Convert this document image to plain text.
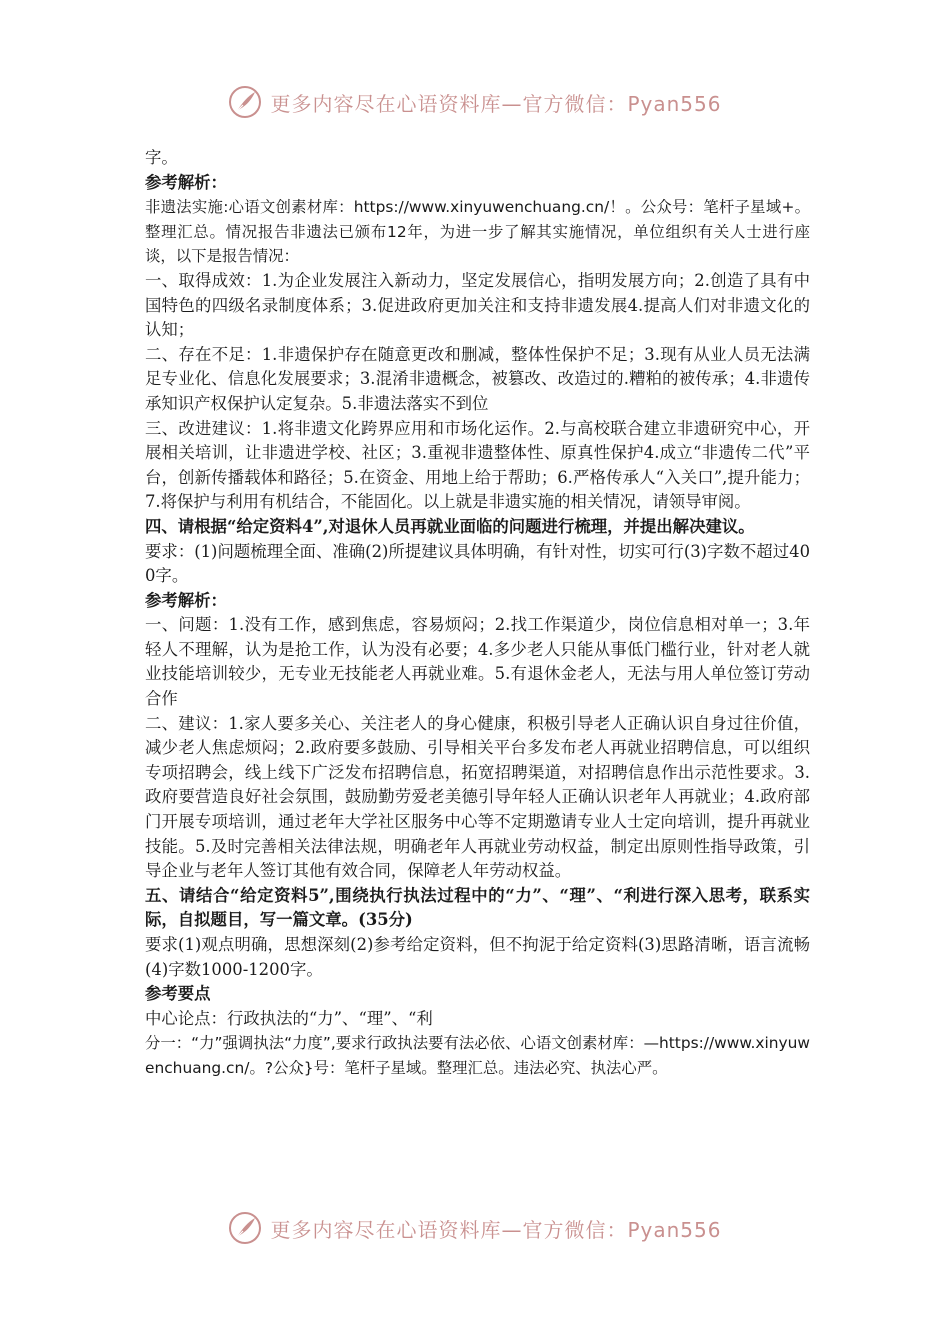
更多内容尽在心语资料库—官方微信：Pyan556

字。

参考解析：

非遗法实施:心语文创素材库：https://www.xinyuwenchuang.cn/！。公众号：笔杆子星域+。整理汇总。情况报告非遗法已颁布12年，为进一步了解其实施情况，单位组织有关人士进行座谈，以下是报告情况：

一、取得成效：1.为企业发展注入新动力，坚定发展信心，指明发展方向；2.创造了具有中国特色的四级名录制度体系；3.促进政府更加关注和支持非遗发展4.提高人们对非遗文化的认知；

二、存在不足：1.非遗保护存在随意更改和删减，整体性保护不足；3.现有从业人员无法满足专业化、信息化发展要求；3.混淆非遗概念，被篡改、改造过的.糟粕的被传承；4.非遗传承知识产权保护认定复杂。5.非遗法落实不到位

三、改进建议：1.将非遗文化跨界应用和市场化运作。2.与高校联合建立非遗研究中心，开展相关培训，让非遗进学校、社区；3.重视非遗整体性、原真性保护4.成立“非遗传二代”平台，创新传播载体和路径；5.在资金、用地上给于帮助；6.严格传承人“入关口”,提升能力；7.将保护与利用有机结合，不能固化。以上就是非遗实施的相关情况，请领导审阅。

四、请根据“给定资料4”,对退休人员再就业面临的问题进行梳理，并提出解决建议。

要求：(1)问题梳理全面、准确(2)所提建议具体明确，有针对性，切实可行(3)字数不超过400字。

参考解析：

一、问题：1.没有工作，感到焦虑，容易烦闷；2.找工作渠道少，岗位信息相对单一；3.年轻人不理解，认为是抢工作，认为没有必要；4.多少老人只能从事低门槛行业，针对老人就业技能培训较少，无专业无技能老人再就业难。5.有退休金老人，无法与用人单位签订劳动合作

二、建议：1.家人要多关心、关注老人的身心健康，积极引导老人正确认识自身过往价值，减少老人焦虑烦闷；2.政府要多鼓励、引导相关平台多发布老人再就业招聘信息，可以组织专项招聘会，线上线下广泛发布招聘信息，拓宽招聘渠道，对招聘信息作出示范性要求。3.政府要营造良好社会氛围，鼓励勤劳爱老美德引导年轻人正确认识老年人再就业；4.政府部门开展专项培训，通过老年大学社区服务中心等不定期邀请专业人士定向培训，提升再就业技能。5.及时完善相关法律法规，明确老年人再就业劳动权益，制定出原则性指导政策，引导企业与老年人签订其他有效合同，保障老人年劳动权益。

五、请结合“给定资料5”,围绕执行执法过程中的“力”、“理”、“利进行深入思考，联系实际，自拟题目，写一篇文章。(35分)

要求(1)观点明确，思想深刻(2)参考给定资料，但不拘泥于给定资料(3)思路清晰，语言流畅(4)字数1000-1200字。

参考要点

中心论点：行政执法的“力”、“理”、“利

分一：“力”强调执法“力度”,要求行政执法要有法必依、心语文创素材库：—https://www.xinyuwenchuang.cn/。?公众}号：笔杆子星域。整理汇总。违法必究、执法心严。

更多内容尽在心语资料库—官方微信：Pyan556
